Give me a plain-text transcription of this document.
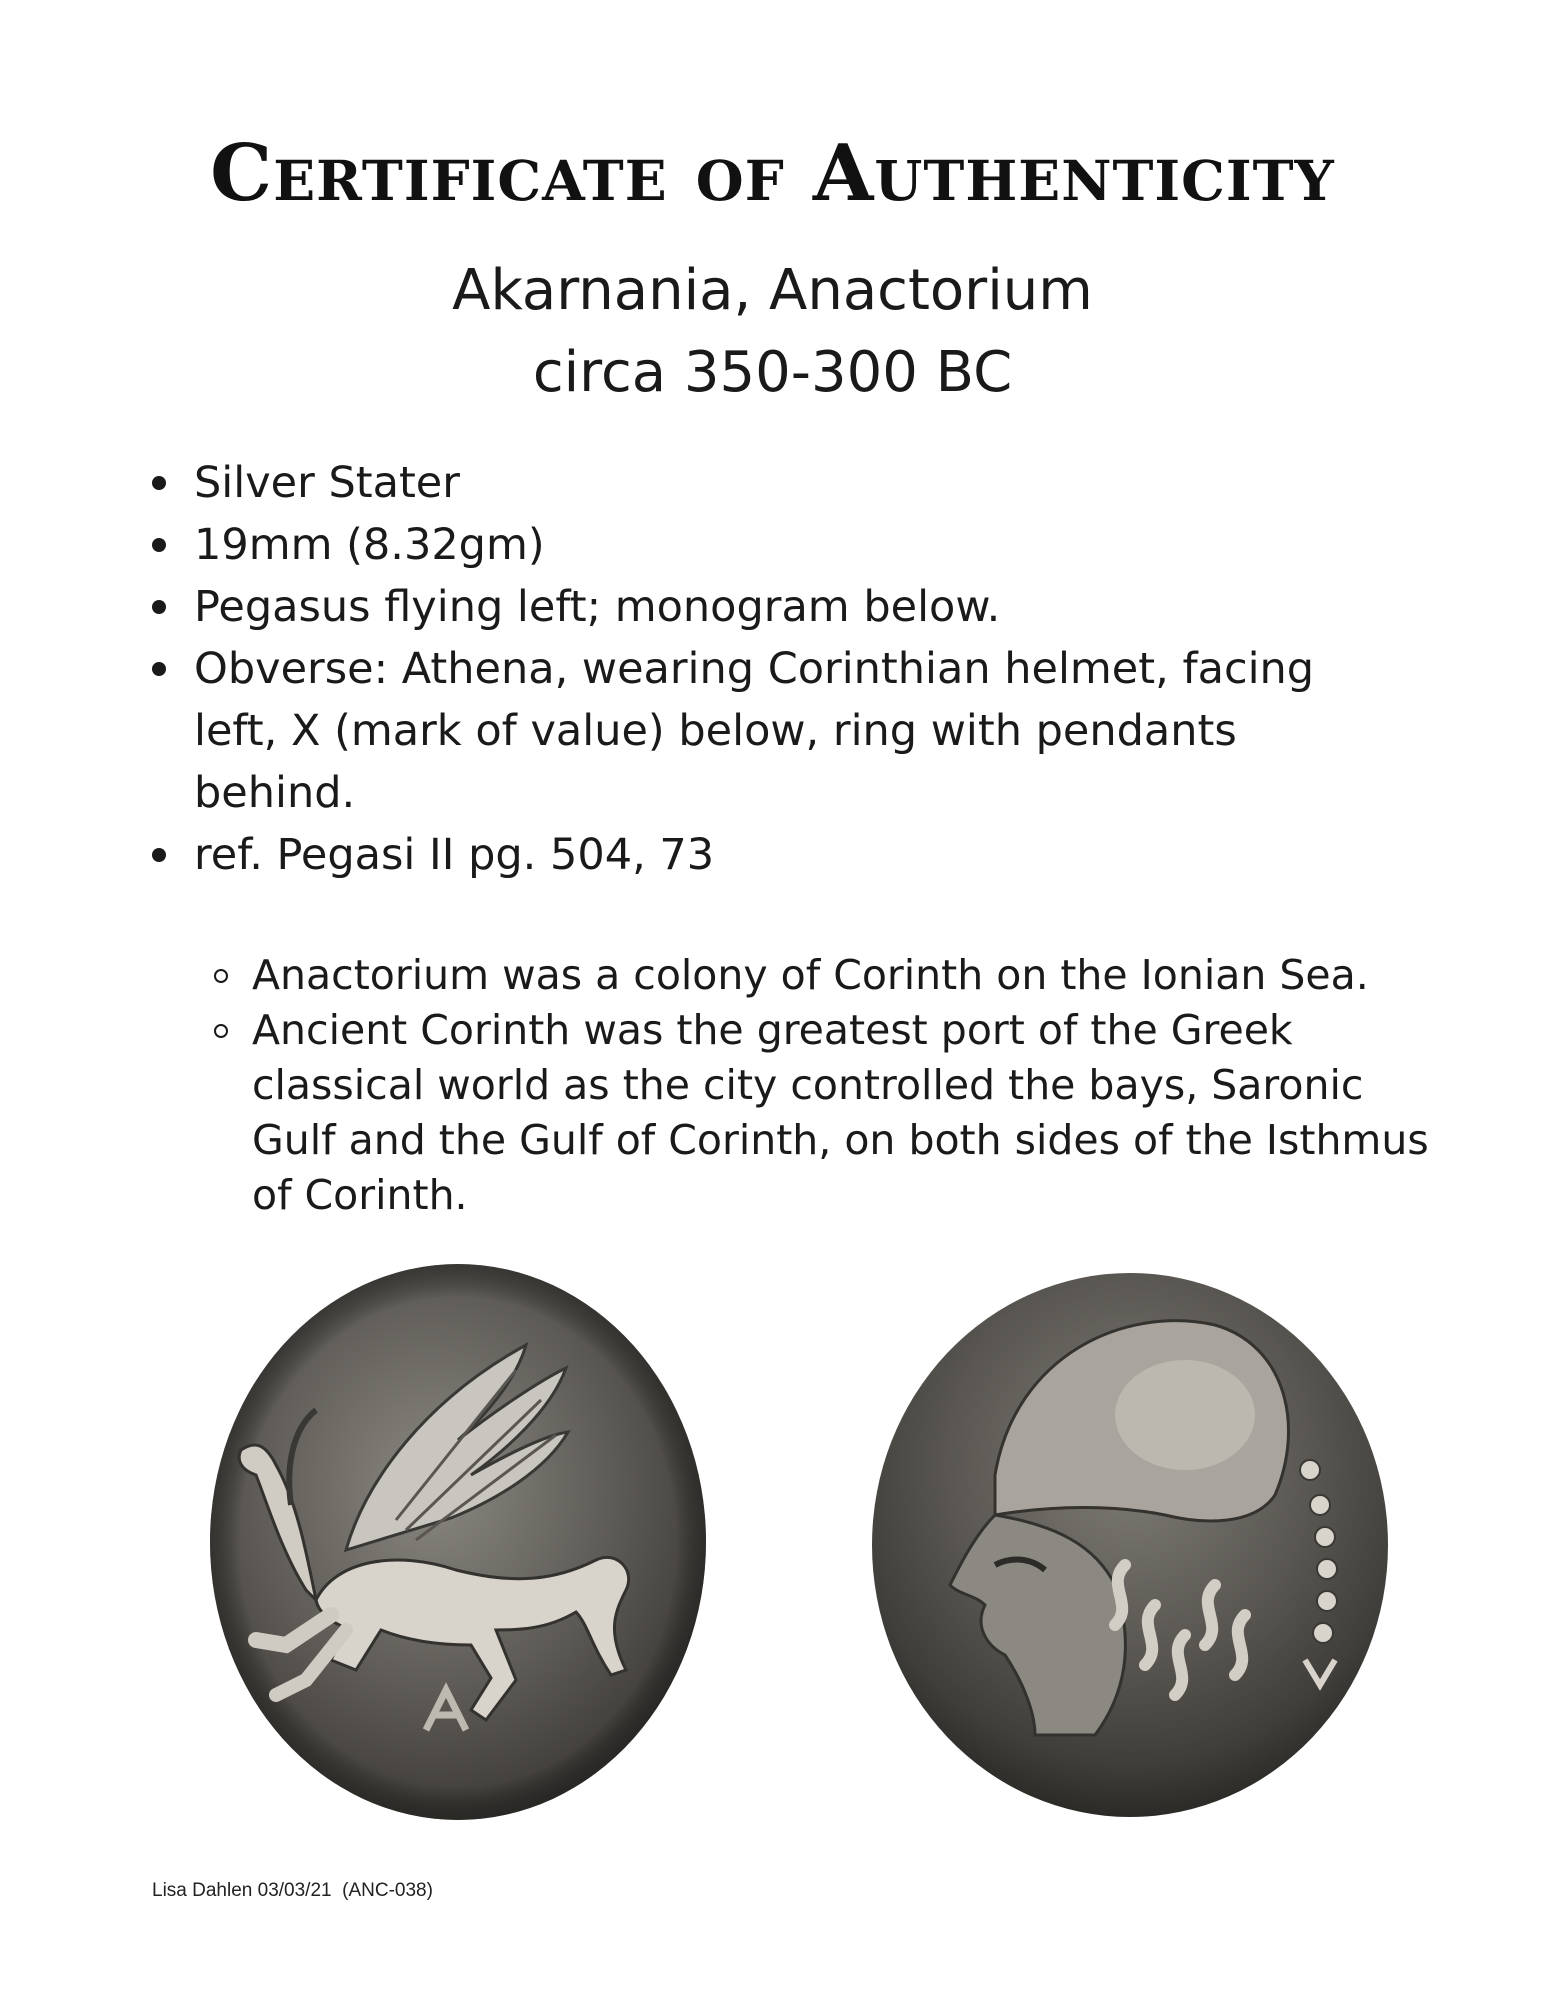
Certificate of Authenticity
Akarnania, Anactorium
circa 350-300 BC
Silver Stater
19mm (8.32gm)
Pegasus flying left; monogram below.
Obverse: Athena, wearing Corinthian helmet, facing left, X (mark of value) below, ring with pendants behind.
ref. Pegasi II pg. 504, 73
Anactorium was a colony of Corinth on the Ionian Sea.
Ancient Corinth was the greatest port of the Greek classical world as the city controlled the bays, Saronic Gulf and the Gulf of Corinth, on both sides of the Isthmus of Corinth.
Lisa Dahlen 03/03/21  (ANC-038)
